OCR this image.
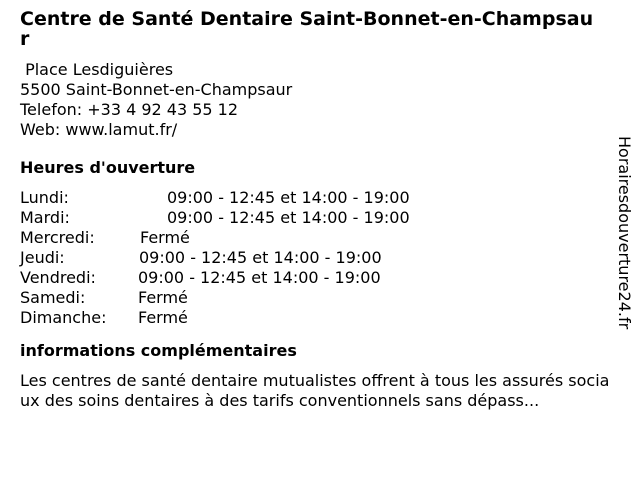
Centre de Santé Dentaire Saint-Bonnet-en-Champsaur
Place Lesdiguières
5500 Saint-Bonnet-en-Champsaur
Telefon: +33 4 92 43 55 12
Web: www.lamut.fr/
Heures d'ouverture
Lundi:	09:00 - 12:45 et 14:00 - 19:00
Mardi:	09:00 - 12:45 et 14:00 - 19:00
Mercredi:	Fermé
Jeudi:	09:00 - 12:45 et 14:00 - 19:00
Vendredi:	09:00 - 12:45 et 14:00 - 19:00
Samedi:	Fermé
Dimanche:	Fermé
informations complémentaires
Les centres de santé dentaire mutualistes offrent à tous les assurés sociaux des soins dentaires à des tarifs conventionnels sans dépass...
Horairesdouverture24.fr
